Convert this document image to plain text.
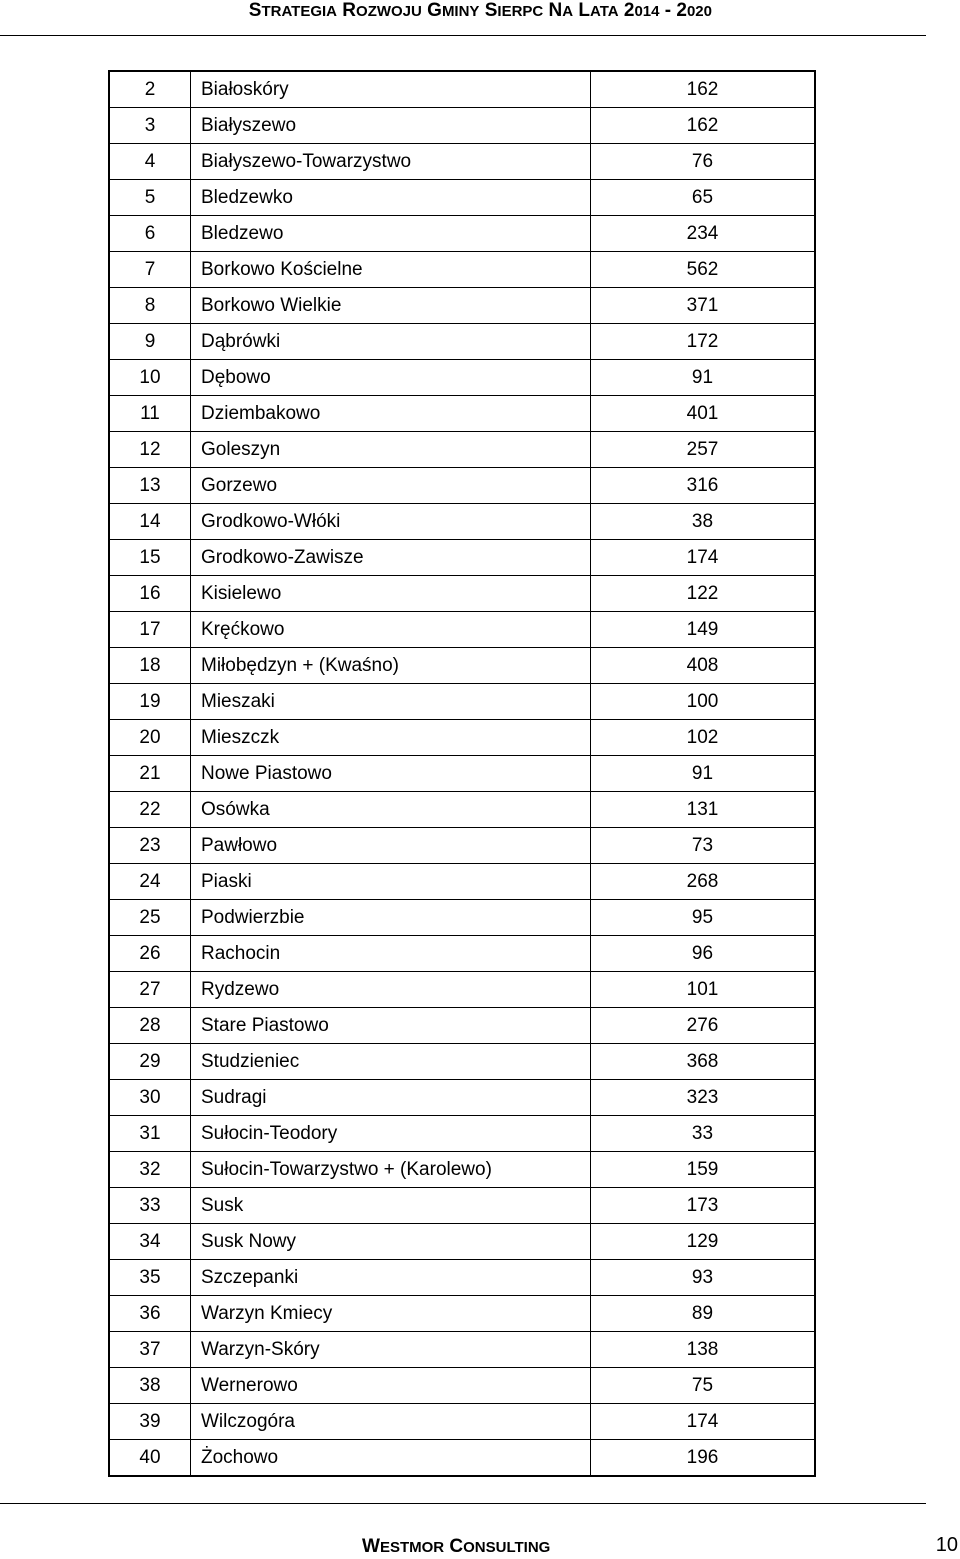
STRATEGIA ROZWOJU GMINY SIERPC NA LATA 2014 - 2020
2	Białoskóry	162
3	Białyszewo	162
4	Białyszewo-Towarzystwo	76
5	Bledzewko	65
6	Bledzewo	234
7	Borkowo Kościelne	562
8	Borkowo Wielkie	371
9	Dąbrówki	172
10	Dębowo	91
11	Dziembakowo	401
12	Goleszyn	257
13	Gorzewo	316
14	Grodkowo-Włóki	38
15	Grodkowo-Zawisze	174
16	Kisielewo	122
17	Kręćkowo	149
18	Miłobędzyn + (Kwaśno)	408
19	Mieszaki	100
20	Mieszczk	102
21	Nowe Piastowo	91
22	Osówka	131
23	Pawłowo	73
24	Piaski	268
25	Podwierzbie	95
26	Rachocin	96
27	Rydzewo	101
28	Stare Piastowo	276
29	Studzieniec	368
30	Sudragi	323
31	Sułocin-Teodory	33
32	Sułocin-Towarzystwo + (Karolewo)	159
33	Susk	173
34	Susk Nowy	129
35	Szczepanki	93
36	Warzyn Kmiecy	89
37	Warzyn-Skóry	138
38	Wernerowo	75
39	Wilczogóra	174
40	Żochowo	196
WESTMOR CONSULTING	10
